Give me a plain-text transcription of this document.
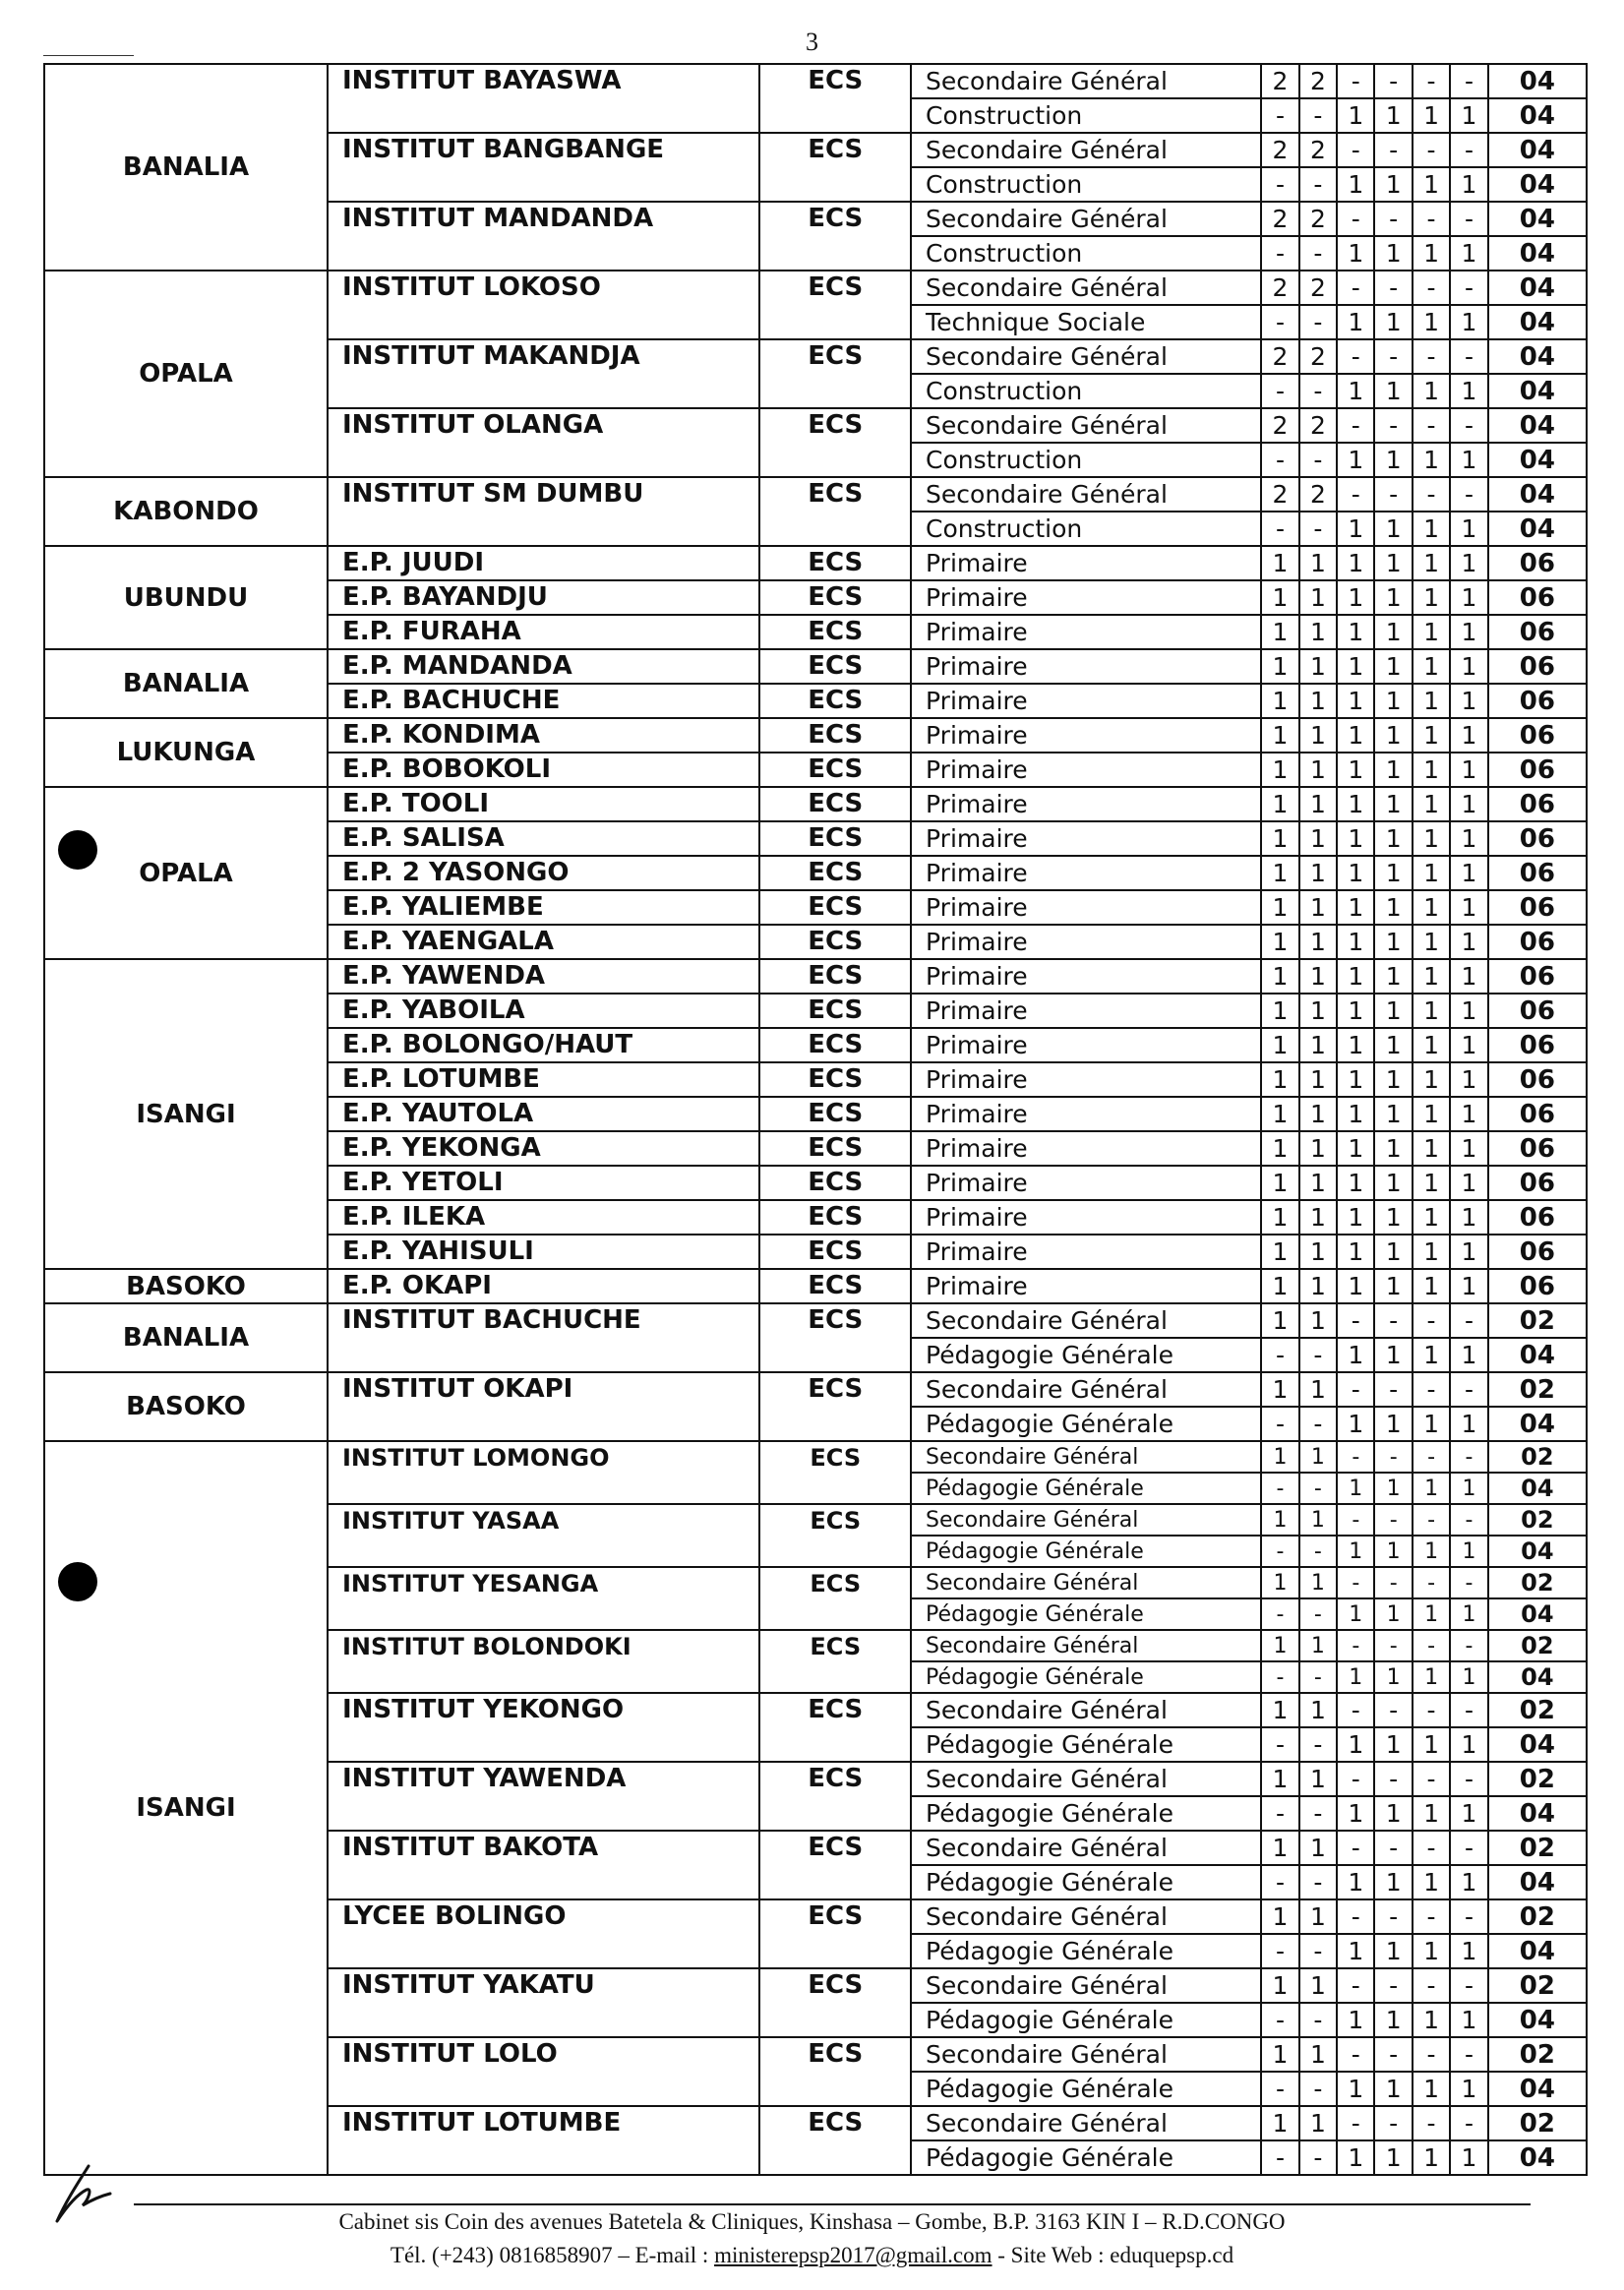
3
BANALIA	INSTITUT BAYASWA	ECS	Secondaire Général	2	2	-	-	-	-	04
			Construction	-	-	1	1	1	1	04
	INSTITUT BANGBANGE	ECS	Secondaire Général	2	2	-	-	-	-	04
			Construction	-	-	1	1	1	1	04
	INSTITUT MANDANDA	ECS	Secondaire Général	2	2	-	-	-	-	04
			Construction	-	-	1	1	1	1	04
OPALA	INSTITUT LOKOSO	ECS	Secondaire Général	2	2	-	-	-	-	04
			Technique Sociale	-	-	1	1	1	1	04
	INSTITUT MAKANDJA	ECS	Secondaire Général	2	2	-	-	-	-	04
			Construction	-	-	1	1	1	1	04
	INSTITUT OLANGA	ECS	Secondaire Général	2	2	-	-	-	-	04
			Construction	-	-	1	1	1	1	04
KABONDO	INSTITUT SM DUMBU	ECS	Secondaire Général	2	2	-	-	-	-	04
			Construction	-	-	1	1	1	1	04
UBUNDU	E.P. JUUDI	ECS	Primaire	1	1	1	1	1	1	06
	E.P. BAYANDJU	ECS	Primaire	1	1	1	1	1	1	06
	E.P. FURAHA	ECS	Primaire	1	1	1	1	1	1	06
BANALIA	E.P. MANDANDA	ECS	Primaire	1	1	1	1	1	1	06
	E.P. BACHUCHE	ECS	Primaire	1	1	1	1	1	1	06
LUKUNGA	E.P. KONDIMA	ECS	Primaire	1	1	1	1	1	1	06
	E.P. BOBOKOLI	ECS	Primaire	1	1	1	1	1	1	06
OPALA	E.P. TOOLI	ECS	Primaire	1	1	1	1	1	1	06
	E.P. SALISA	ECS	Primaire	1	1	1	1	1	1	06
	E.P. 2 YASONGO	ECS	Primaire	1	1	1	1	1	1	06
	E.P. YALIEMBE	ECS	Primaire	1	1	1	1	1	1	06
	E.P. YAENGALA	ECS	Primaire	1	1	1	1	1	1	06
ISANGI	E.P. YAWENDA	ECS	Primaire	1	1	1	1	1	1	06
	E.P. YABOILA	ECS	Primaire	1	1	1	1	1	1	06
	E.P. BOLONGO/HAUT	ECS	Primaire	1	1	1	1	1	1	06
	E.P. LOTUMBE	ECS	Primaire	1	1	1	1	1	1	06
	E.P. YAUTOLA	ECS	Primaire	1	1	1	1	1	1	06
	E.P. YEKONGA	ECS	Primaire	1	1	1	1	1	1	06
	E.P. YETOLI	ECS	Primaire	1	1	1	1	1	1	06
	E.P. ILEKA	ECS	Primaire	1	1	1	1	1	1	06
	E.P. YAHISULI	ECS	Primaire	1	1	1	1	1	1	06
BASOKO	E.P. OKAPI	ECS	Primaire	1	1	1	1	1	1	06
BANALIA	INSTITUT BACHUCHE	ECS	Secondaire Général	1	1	-	-	-	-	02
			Pédagogie Générale	-	-	1	1	1	1	04
BASOKO	INSTITUT OKAPI	ECS	Secondaire Général	1	1	-	-	-	-	02
			Pédagogie Générale	-	-	1	1	1	1	04
ISANGI	INSTITUT LOMONGO	ECS	Secondaire Général	1	1	-	-	-	-	02
			Pédagogie Générale	-	-	1	1	1	1	04
	INSTITUT YASAA	ECS	Secondaire Général	1	1	-	-	-	-	02
			Pédagogie Générale	-	-	1	1	1	1	04
	INSTITUT YESANGA	ECS	Secondaire Général	1	1	-	-	-	-	02
			Pédagogie Générale	-	-	1	1	1	1	04
	INSTITUT BOLONDOKI	ECS	Secondaire Général	1	1	-	-	-	-	02
			Pédagogie Générale	-	-	1	1	1	1	04
	INSTITUT YEKONGO	ECS	Secondaire Général	1	1	-	-	-	-	02
			Pédagogie Générale	-	-	1	1	1	1	04
	INSTITUT YAWENDA	ECS	Secondaire Général	1	1	-	-	-	-	02
			Pédagogie Générale	-	-	1	1	1	1	04
	INSTITUT BAKOTA	ECS	Secondaire Général	1	1	-	-	-	-	02
			Pédagogie Générale	-	-	1	1	1	1	04
	LYCEE BOLINGO	ECS	Secondaire Général	1	1	-	-	-	-	02
			Pédagogie Générale	-	-	1	1	1	1	04
	INSTITUT YAKATU	ECS	Secondaire Général	1	1	-	-	-	-	02
			Pédagogie Générale	-	-	1	1	1	1	04
	INSTITUT LOLO	ECS	Secondaire Général	1	1	-	-	-	-	02
			Pédagogie Générale	-	-	1	1	1	1	04
	INSTITUT LOTUMBE	ECS	Secondaire Général	1	1	-	-	-	-	02
			Pédagogie Générale	-	-	1	1	1	1	04
Cabinet sis Coin des avenues Batetela & Cliniques, Kinshasa – Gombe, B.P. 3163 KIN I – R.D.CONGO
Tél. (+243) 0816858907 – E-mail : ministerepsp2017@gmail.com - Site Web : eduquepsp.cd
